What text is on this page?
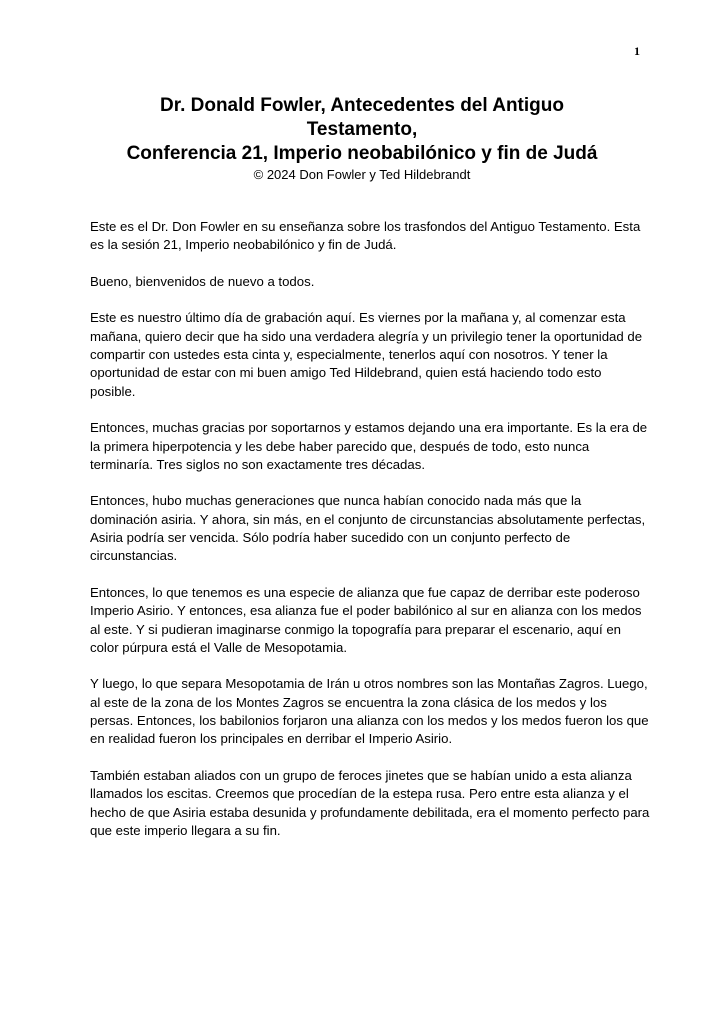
1
Dr. Donald Fowler, Antecedentes del Antiguo
Testamento,
Conferencia 21, Imperio neobabilónico y fin de Judá
© 2024 Don Fowler y Ted Hildebrandt

Este es el Dr. Don Fowler en su enseñanza sobre los trasfondos del Antiguo Testamento. Esta es la sesión 21, Imperio neobabilónico y fin de Judá.

Bueno, bienvenidos de nuevo a todos.

Este es nuestro último día de grabación aquí. Es viernes por la mañana y, al comenzar esta mañana, quiero decir que ha sido una verdadera alegría y un privilegio tener la oportunidad de compartir con ustedes esta cinta y, especialmente, tenerlos aquí con nosotros. Y tener la oportunidad de estar con mi buen amigo Ted Hildebrand, quien está haciendo todo esto posible.

Entonces, muchas gracias por soportarnos y estamos dejando una era importante. Es la era de la primera hiperpotencia y les debe haber parecido que, después de todo, esto nunca terminaría. Tres siglos no son exactamente tres décadas.

Entonces, hubo muchas generaciones que nunca habían conocido nada más que la dominación asiria. Y ahora, sin más, en el conjunto de circunstancias absolutamente perfectas, Asiria podría ser vencida. Sólo podría haber sucedido con un conjunto perfecto de circunstancias.

Entonces, lo que tenemos es una especie de alianza que fue capaz de derribar este poderoso Imperio Asirio. Y entonces, esa alianza fue el poder babilónico al sur en alianza con los medos al este. Y si pudieran imaginarse conmigo la topografía para preparar el escenario, aquí en color púrpura está el Valle de Mesopotamia.

Y luego, lo que separa Mesopotamia de Irán u otros nombres son las Montañas Zagros. Luego, al este de la zona de los Montes Zagros se encuentra la zona clásica de los medos y los persas. Entonces, los babilonios forjaron una alianza con los medos y los medos fueron los que en realidad fueron los principales en derribar el Imperio Asirio.

También estaban aliados con un grupo de feroces jinetes que se habían unido a esta alianza llamados los escitas. Creemos que procedían de la estepa rusa. Pero entre esta alianza y el hecho de que Asiria estaba desunida y profundamente debilitada, era el momento perfecto para que este imperio llegara a su fin.
